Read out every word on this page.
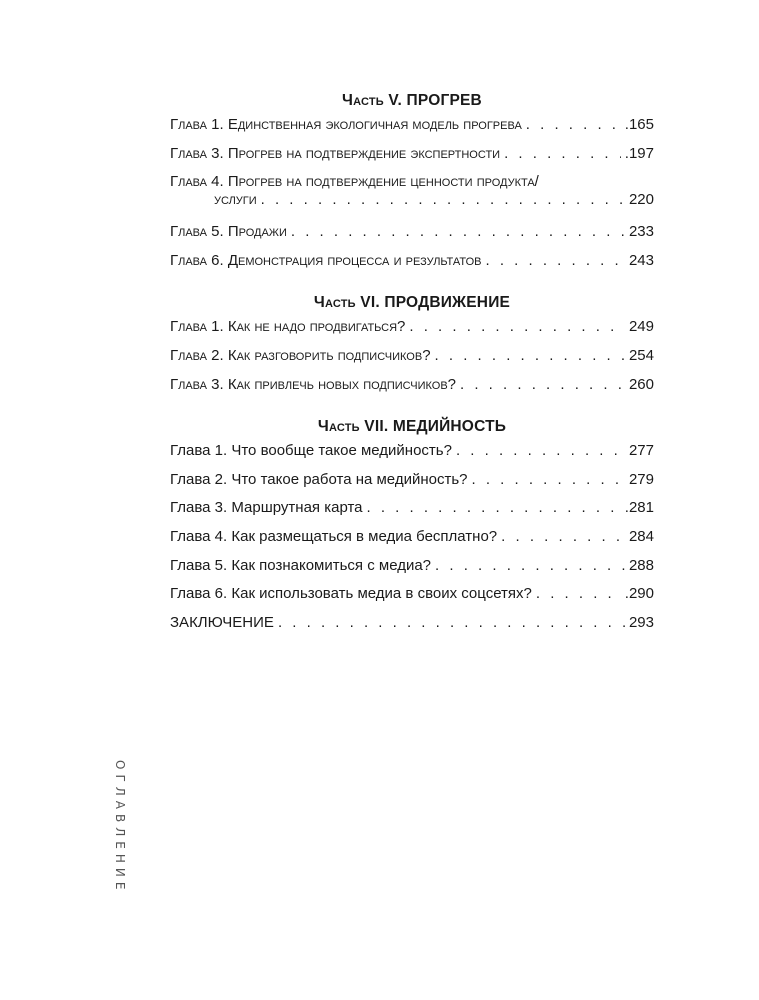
Часть V. ПРОГРЕВ
Глава 1. Единственная экологичная модель прогрева . . .	.165
Глава 3. Прогрев на подтверждение экспертности . . .	.197
Глава 4. Прогрев на подтверждение ценности продукта/
услуги . . .	220
Глава 5. Продажи . . .	233
Глава 6. Демонстрация процесса и результатов . . .	243
Часть VI. ПРОДВИЖЕНИЕ
Глава 1. Как не надо продвигаться? . . .	249
Глава 2. Как разговорить подписчиков? . . .	254
Глава 3. Как привлечь новых подписчиков? . . .	260
Часть VII. МЕДИЙНОСТЬ
Глава 1. Что вообще такое медийность? . . .	277
Глава 2. Что такое работа на медийность? . . .	279
Глава 3. Маршрутная карта . . .	.281
Глава 4. Как размещаться в медиа бесплатно? . . .	284
Глава 5. Как познакомиться с медиа? . . .	288
Глава 6. Как использовать медиа в своих соцсетях? . . .	.290
ЗАКЛЮЧЕНИЕ . . .	293
ОГЛАВЛЕНИЕ
